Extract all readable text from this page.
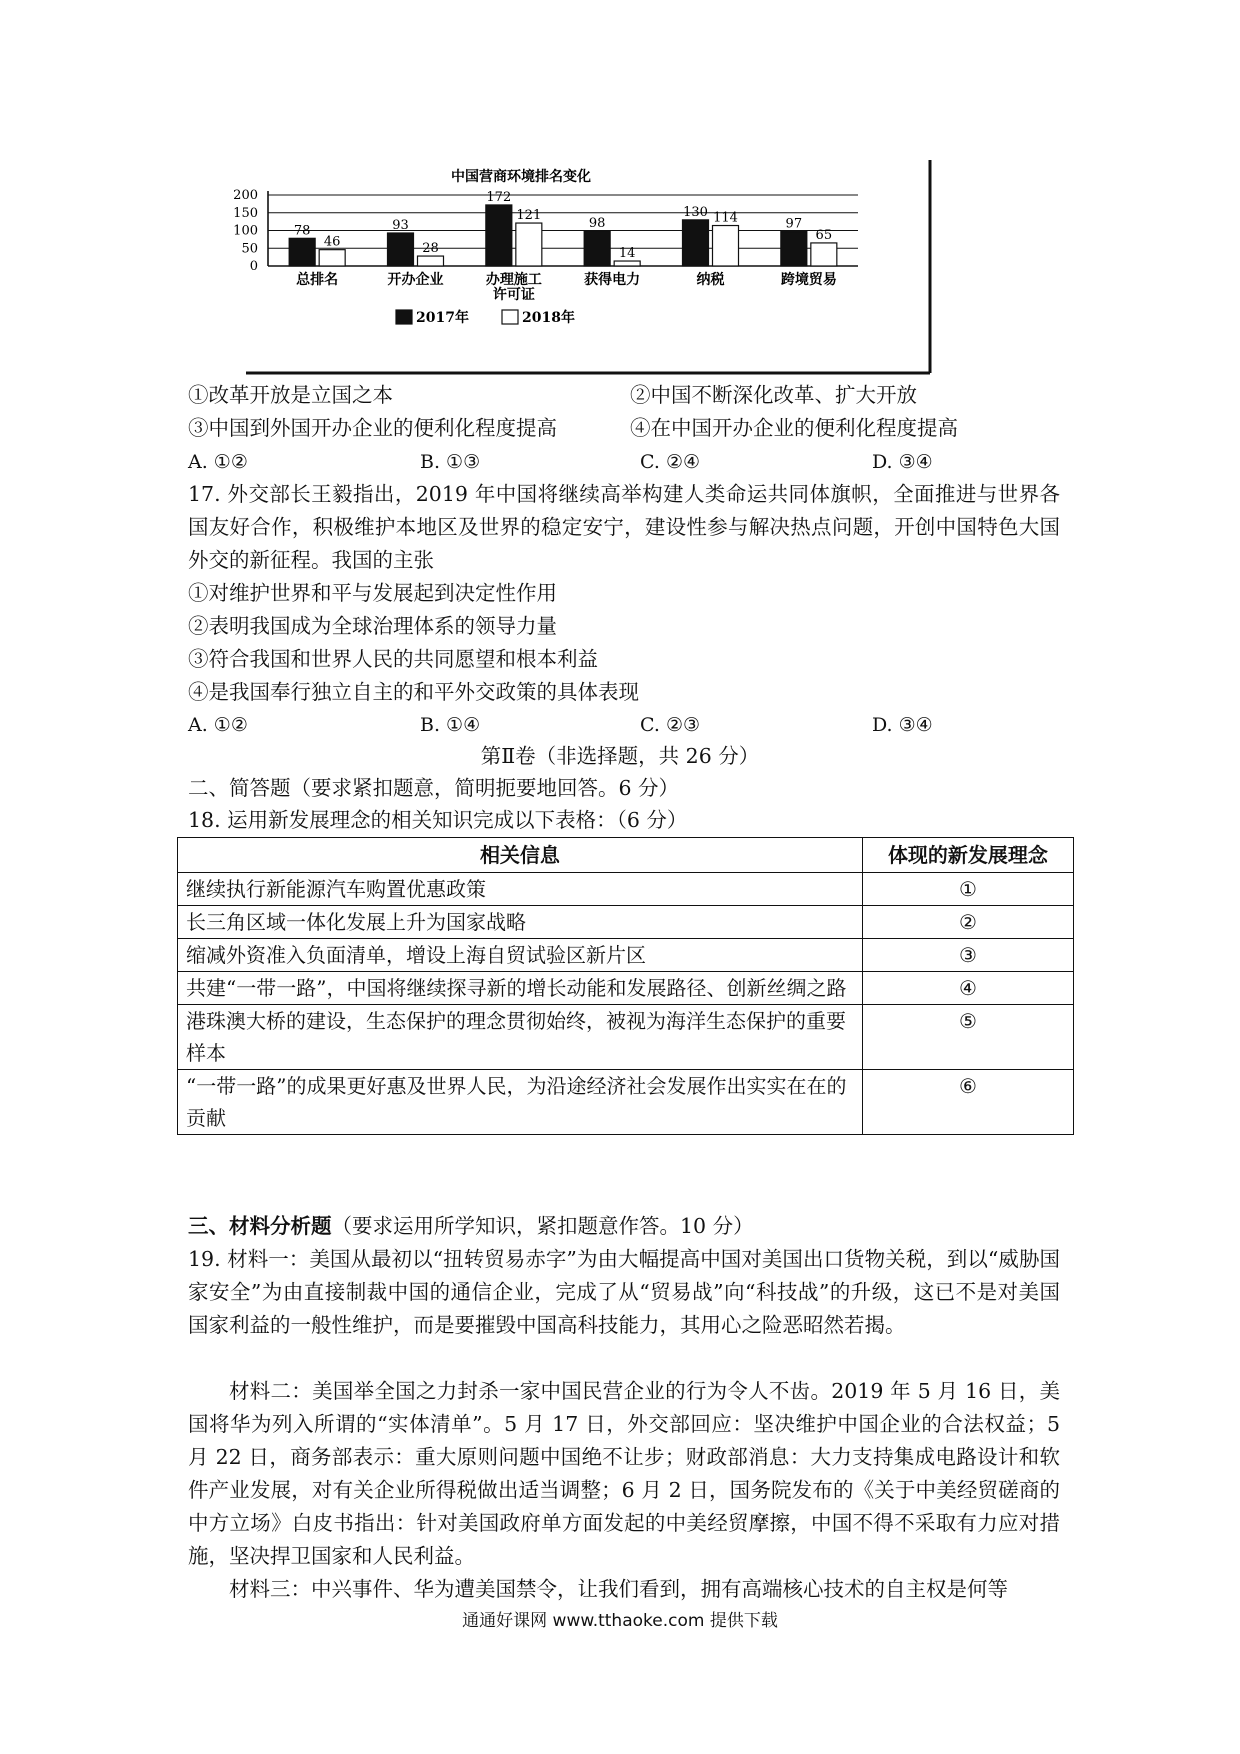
中国营商环境排名变化
0
50
100
150
200
78
46
总排名
93
28
开办企业
172
121
办理施工
许可证
98
14
获得电力
130 114
纳税
97
65
跨境贸易
2017年	2018年
①改革开放是立国之本	②中国不断深化改革、扩大开放
③中国到外国开办企业的便利化程度提高	④在中国开办企业的便利化程度提高
A. ①②	B. ①③	C. ②④	D. ③④
17. 外交部长王毅指出，2019 年中国将继续高举构建人类命运共同体旗帜，全面推进与世界各国友好合作，积极维护本地区及世界的稳定安宁，建设性参与解决热点问题，开创中国特色大国外交的新征程。我国的主张
①对维护世界和平与发展起到决定性作用
②表明我国成为全球治理体系的领导力量
③符合我国和世界人民的共同愿望和根本利益
④是我国奉行独立自主的和平外交政策的具体表现
A. ①②	B. ①④	C. ②③	D. ③④
第Ⅱ卷（非选择题，共 26 分）
二、简答题（要求紧扣题意，简明扼要地回答。6 分）
18. 运用新发展理念的相关知识完成以下表格：（6 分）
相关信息	体现的新发展理念
继续执行新能源汽车购置优惠政策	①
长三角区域一体化发展上升为国家战略	②
缩减外资准入负面清单，增设上海自贸试验区新片区	③
共建“一带一路”，中国将继续探寻新的增长动能和发展路径、创新丝绸之路	④
港珠澳大桥的建设，生态保护的理念贯彻始终，被视为海洋生态保护的重要样本	⑤
“一带一路”的成果更好惠及世界人民，为沿途经济社会发展作出实实在在的贡献	⑥
三、材料分析题（要求运用所学知识，紧扣题意作答。10 分）
19. 材料一：美国从最初以“扭转贸易赤字”为由大幅提高中国对美国出口货物关税，到以“威胁国家安全”为由直接制裁中国的通信企业，完成了从“贸易战”向“科技战”的升级，这已不是对美国国家利益的一般性维护，而是要摧毁中国高科技能力，其用心之险恶昭然若揭。
材料二：美国举全国之力封杀一家中国民营企业的行为令人不齿。2019 年 5 月 16 日，美国将华为列入所谓的“实体清单”。5 月 17 日，外交部回应：坚决维护中国企业的合法权益；5 月 22 日，商务部表示：重大原则问题中国绝不让步；财政部消息：大力支持集成电路设计和软件产业发展，对有关企业所得税做出适当调整；6 月 2 日，国务院发布的《关于中美经贸磋商的中方立场》白皮书指出：针对美国政府单方面发起的中美经贸摩擦，中国不得不采取有力应对措施，坚决捍卫国家和人民利益。
材料三：中兴事件、华为遭美国禁令，让我们看到，拥有高端核心技术的自主权是何等
通通好课网 www.tthaoke.com 提供下载
